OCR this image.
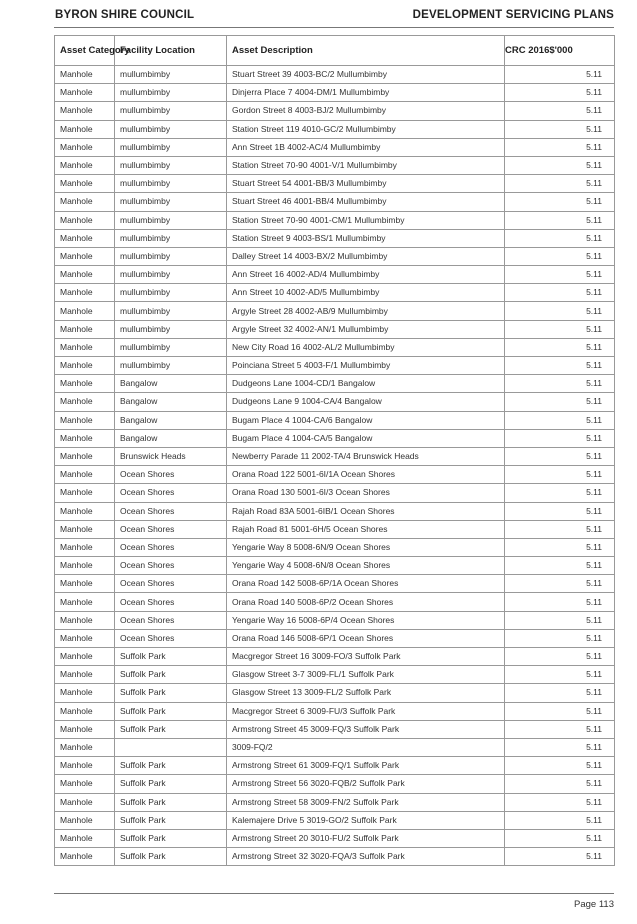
BYRON SHIRE COUNCIL	DEVELOPMENT SERVICING PLANS
Asset Category	Facility Location	Asset Description	CRC 2016$'000
Manhole	mullumbimby	Stuart Street 39 4003-BC/2 Mullumbimby	5.11
Manhole	mullumbimby	Dinjerra Place 7 4004-DM/1 Mullumbimby	5.11
Manhole	mullumbimby	Gordon Street 8 4003-BJ/2 Mullumbimby	5.11
Manhole	mullumbimby	Station Street 119 4010-GC/2 Mullumbimby	5.11
Manhole	mullumbimby	Ann Street 1B 4002-AC/4 Mullumbimby	5.11
Manhole	mullumbimby	Station Street 70-90 4001-V/1 Mullumbimby	5.11
Manhole	mullumbimby	Stuart Street 54 4001-BB/3 Mullumbimby	5.11
Manhole	mullumbimby	Stuart Street 46 4001-BB/4 Mullumbimby	5.11
Manhole	mullumbimby	Station Street 70-90 4001-CM/1 Mullumbimby	5.11
Manhole	mullumbimby	Station Street 9 4003-BS/1 Mullumbimby	5.11
Manhole	mullumbimby	Dalley Street 14 4003-BX/2 Mullumbimby	5.11
Manhole	mullumbimby	Ann Street 16 4002-AD/4 Mullumbimby	5.11
Manhole	mullumbimby	Ann Street 10 4002-AD/5 Mullumbimby	5.11
Manhole	mullumbimby	Argyle Street 28 4002-AB/9 Mullumbimby	5.11
Manhole	mullumbimby	Argyle Street 32 4002-AN/1 Mullumbimby	5.11
Manhole	mullumbimby	New City Road 16 4002-AL/2 Mullumbimby	5.11
Manhole	mullumbimby	Poinciana Street 5 4003-F/1 Mullumbimby	5.11
Manhole	Bangalow	Dudgeons Lane 1004-CD/1 Bangalow	5.11
Manhole	Bangalow	Dudgeons Lane 9 1004-CA/4 Bangalow	5.11
Manhole	Bangalow	Bugam Place 4 1004-CA/6 Bangalow	5.11
Manhole	Bangalow	Bugam Place 4 1004-CA/5 Bangalow	5.11
Manhole	Brunswick Heads	Newberry Parade 11 2002-TA/4 Brunswick Heads	5.11
Manhole	Ocean Shores	Orana Road 122 5001-6I/1A Ocean Shores	5.11
Manhole	Ocean Shores	Orana Road 130 5001-6I/3 Ocean Shores	5.11
Manhole	Ocean Shores	Rajah Road 83A 5001-6IB/1 Ocean Shores	5.11
Manhole	Ocean Shores	Rajah Road 81 5001-6H/5 Ocean Shores	5.11
Manhole	Ocean Shores	Yengarie Way 8 5008-6N/9 Ocean Shores	5.11
Manhole	Ocean Shores	Yengarie Way 4 5008-6N/8 Ocean Shores	5.11
Manhole	Ocean Shores	Orana Road 142 5008-6P/1A Ocean Shores	5.11
Manhole	Ocean Shores	Orana Road 140 5008-6P/2 Ocean Shores	5.11
Manhole	Ocean Shores	Yengarie Way 16 5008-6P/4 Ocean Shores	5.11
Manhole	Ocean Shores	Orana Road 146 5008-6P/1 Ocean Shores	5.11
Manhole	Suffolk Park	Macgregor Street 16 3009-FO/3 Suffolk Park	5.11
Manhole	Suffolk Park	Glasgow Street 3-7 3009-FL/1 Suffolk Park	5.11
Manhole	Suffolk Park	Glasgow Street 13 3009-FL/2 Suffolk Park	5.11
Manhole	Suffolk Park	Macgregor Street 6 3009-FU/3 Suffolk Park	5.11
Manhole	Suffolk Park	Armstrong Street 45 3009-FQ/3 Suffolk Park	5.11
Manhole		3009-FQ/2	5.11
Manhole	Suffolk Park	Armstrong Street 61 3009-FQ/1 Suffolk Park	5.11
Manhole	Suffolk Park	Armstrong Street 56 3020-FQB/2 Suffolk Park	5.11
Manhole	Suffolk Park	Armstrong Street 58 3009-FN/2 Suffolk Park	5.11
Manhole	Suffolk Park	Kalemajere Drive 5 3019-GO/2 Suffolk Park	5.11
Manhole	Suffolk Park	Armstrong Street 20 3010-FU/2 Suffolk Park	5.11
Manhole	Suffolk Park	Armstrong Street 32 3020-FQA/3 Suffolk Park	5.11
Page 113
